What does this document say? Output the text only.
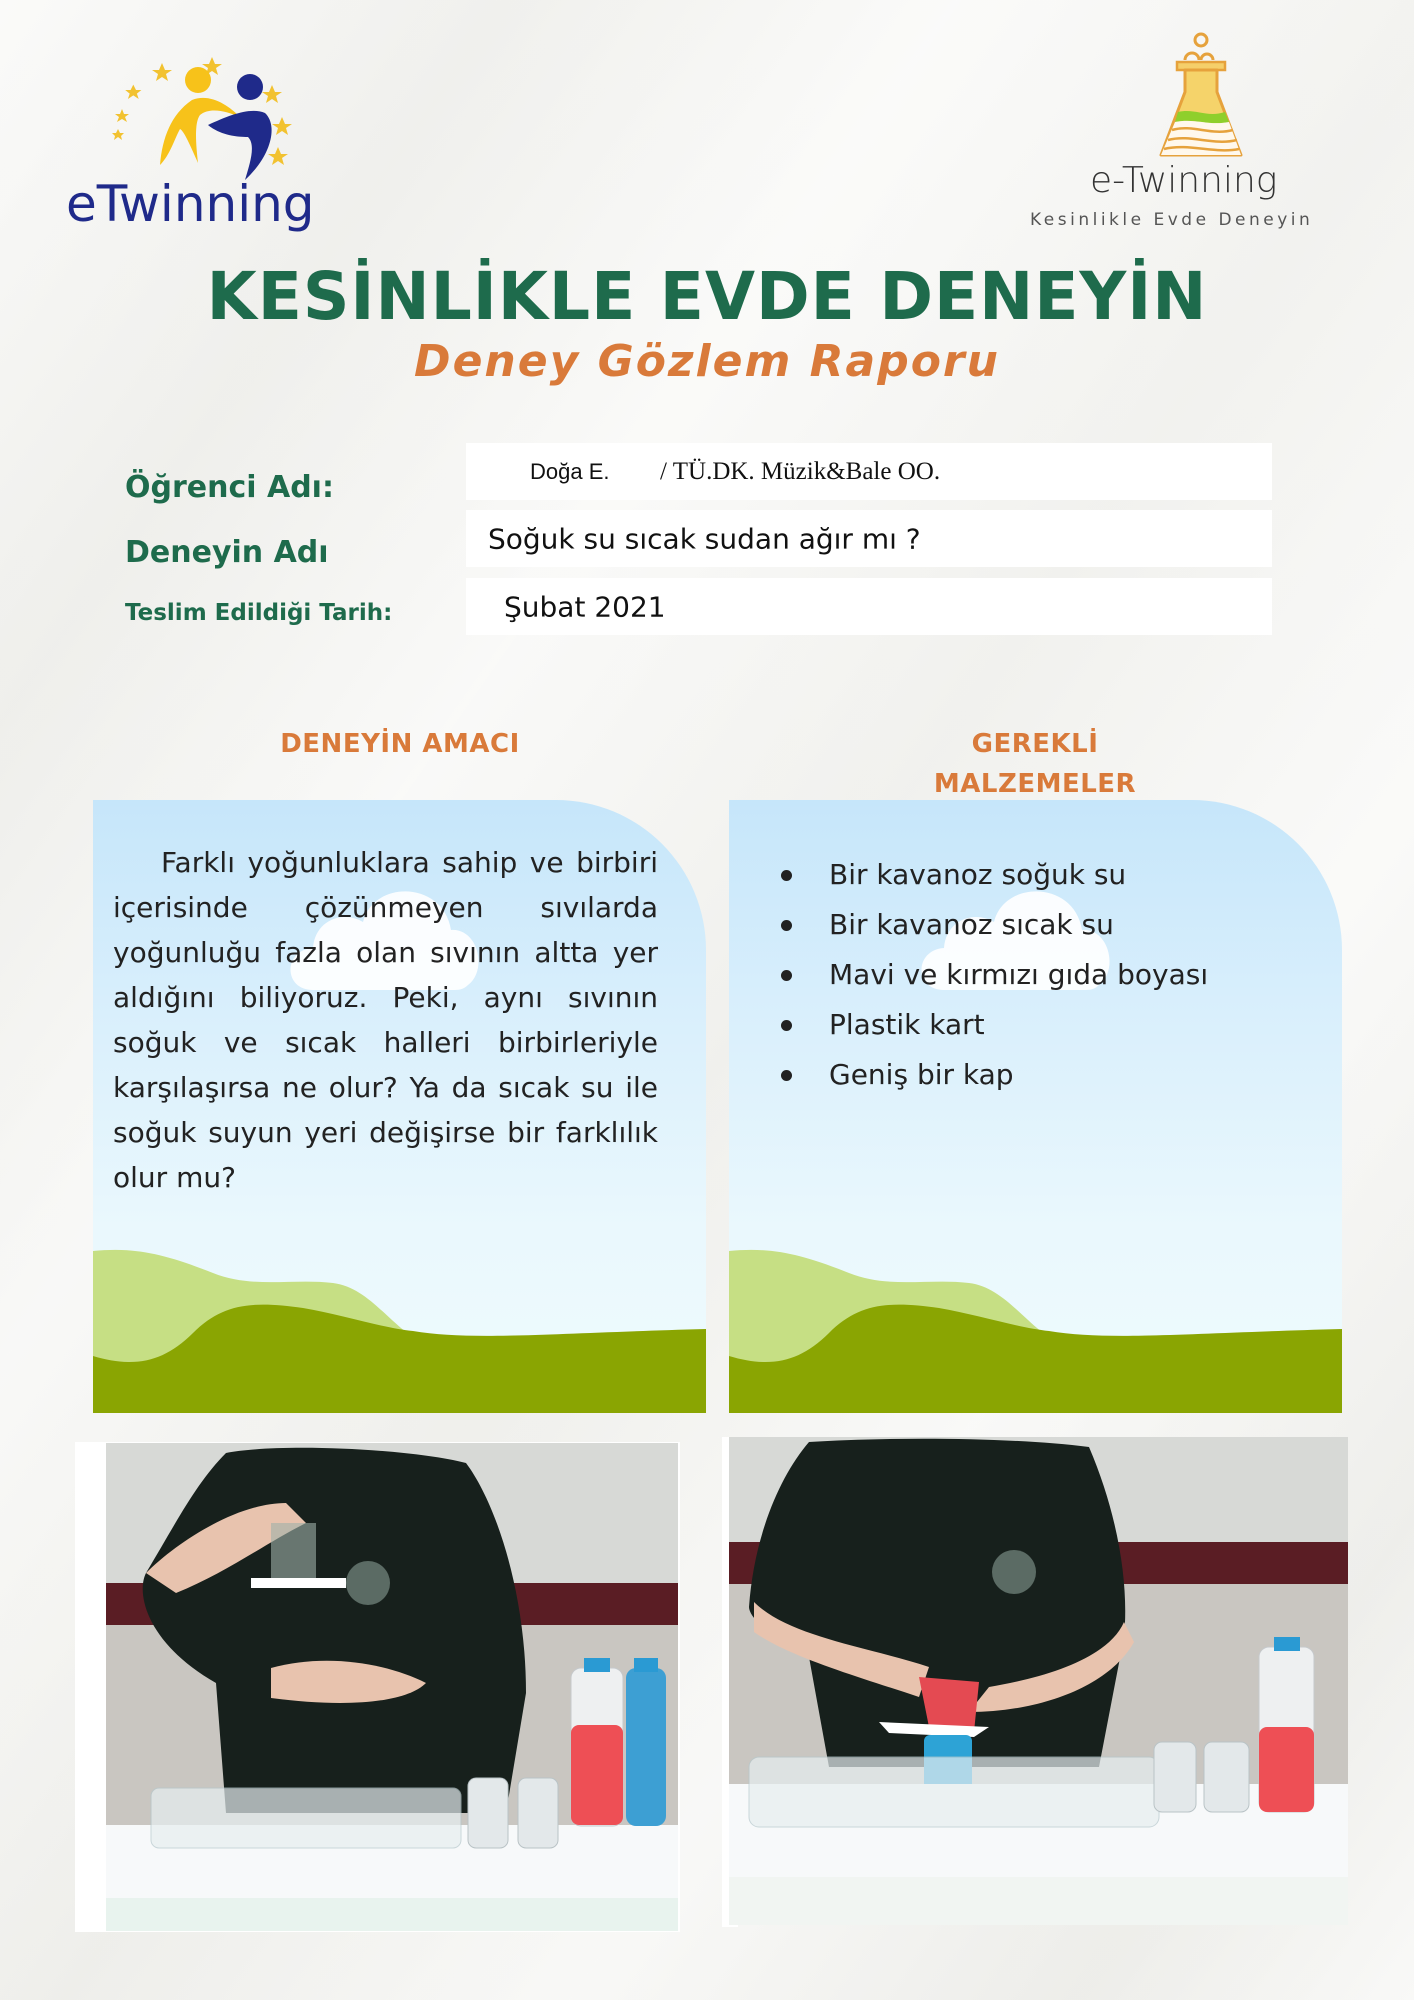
eTwinning	e-Twinning
Kesinlikle Evde Deneyin
KESİNLİKLE EVDE DENEYİN
Deney Gözlem Raporu
Öğrenci Adı:	Doğa E. / TÜ.DK. Müzik&Bale OO.
Deneyin Adı	Soğuk su sıcak sudan ağır mı ?
Teslim Edildiği Tarih:	Şubat 2021
DENEYİN AMACI	GEREKLİ
MALZEMELER
Farklı yoğunluklara sahip ve birbiri içerisinde çözünmeyen sıvılarda yoğunluğu fazla olan sıvının altta yer aldığını biliyoruz. Peki, aynı sıvının soğuk ve sıcak halleri birbirleriyle karşılaşırsa ne olur? Ya da sıcak su ile soğuk suyun yeri değişirse bir farklılık olur mu?
Bir kavanoz soğuk su
Bir kavanoz sıcak su
Mavi ve kırmızı gıda boyası
Plastik kart
Geniş bir kap
